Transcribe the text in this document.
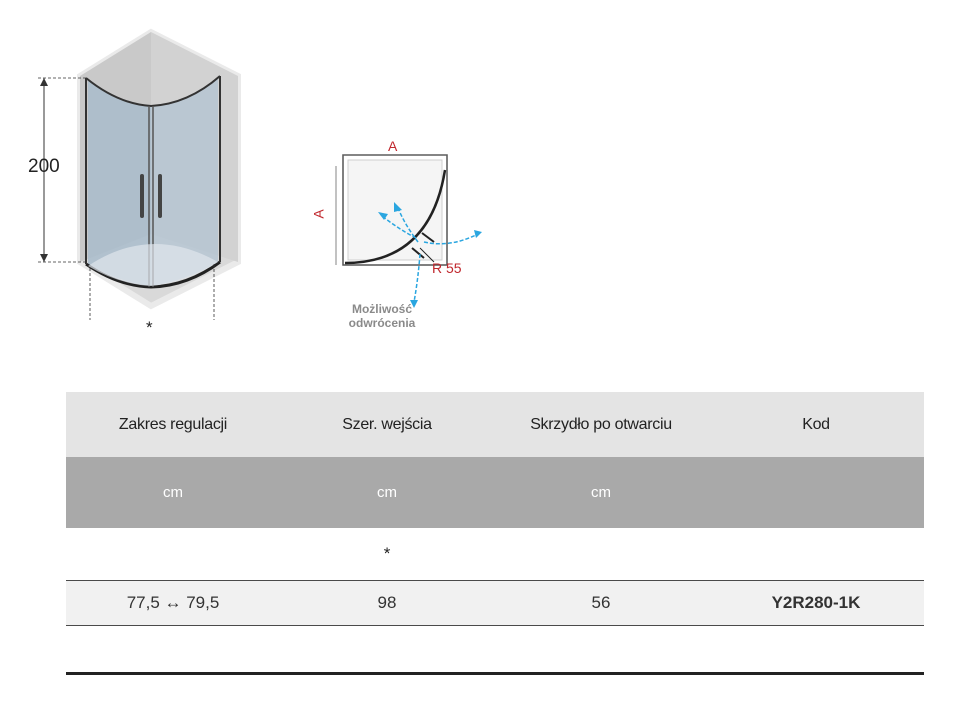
200
*
A
A
R 55
Możliwość
odwrócenia
Zakres regulacji	Szer. wejścia	Skrzydło po otwarciu	Kod
cm	cm	cm
*
77,5 ↔ 79,5	98	56	Y2R280-1K
